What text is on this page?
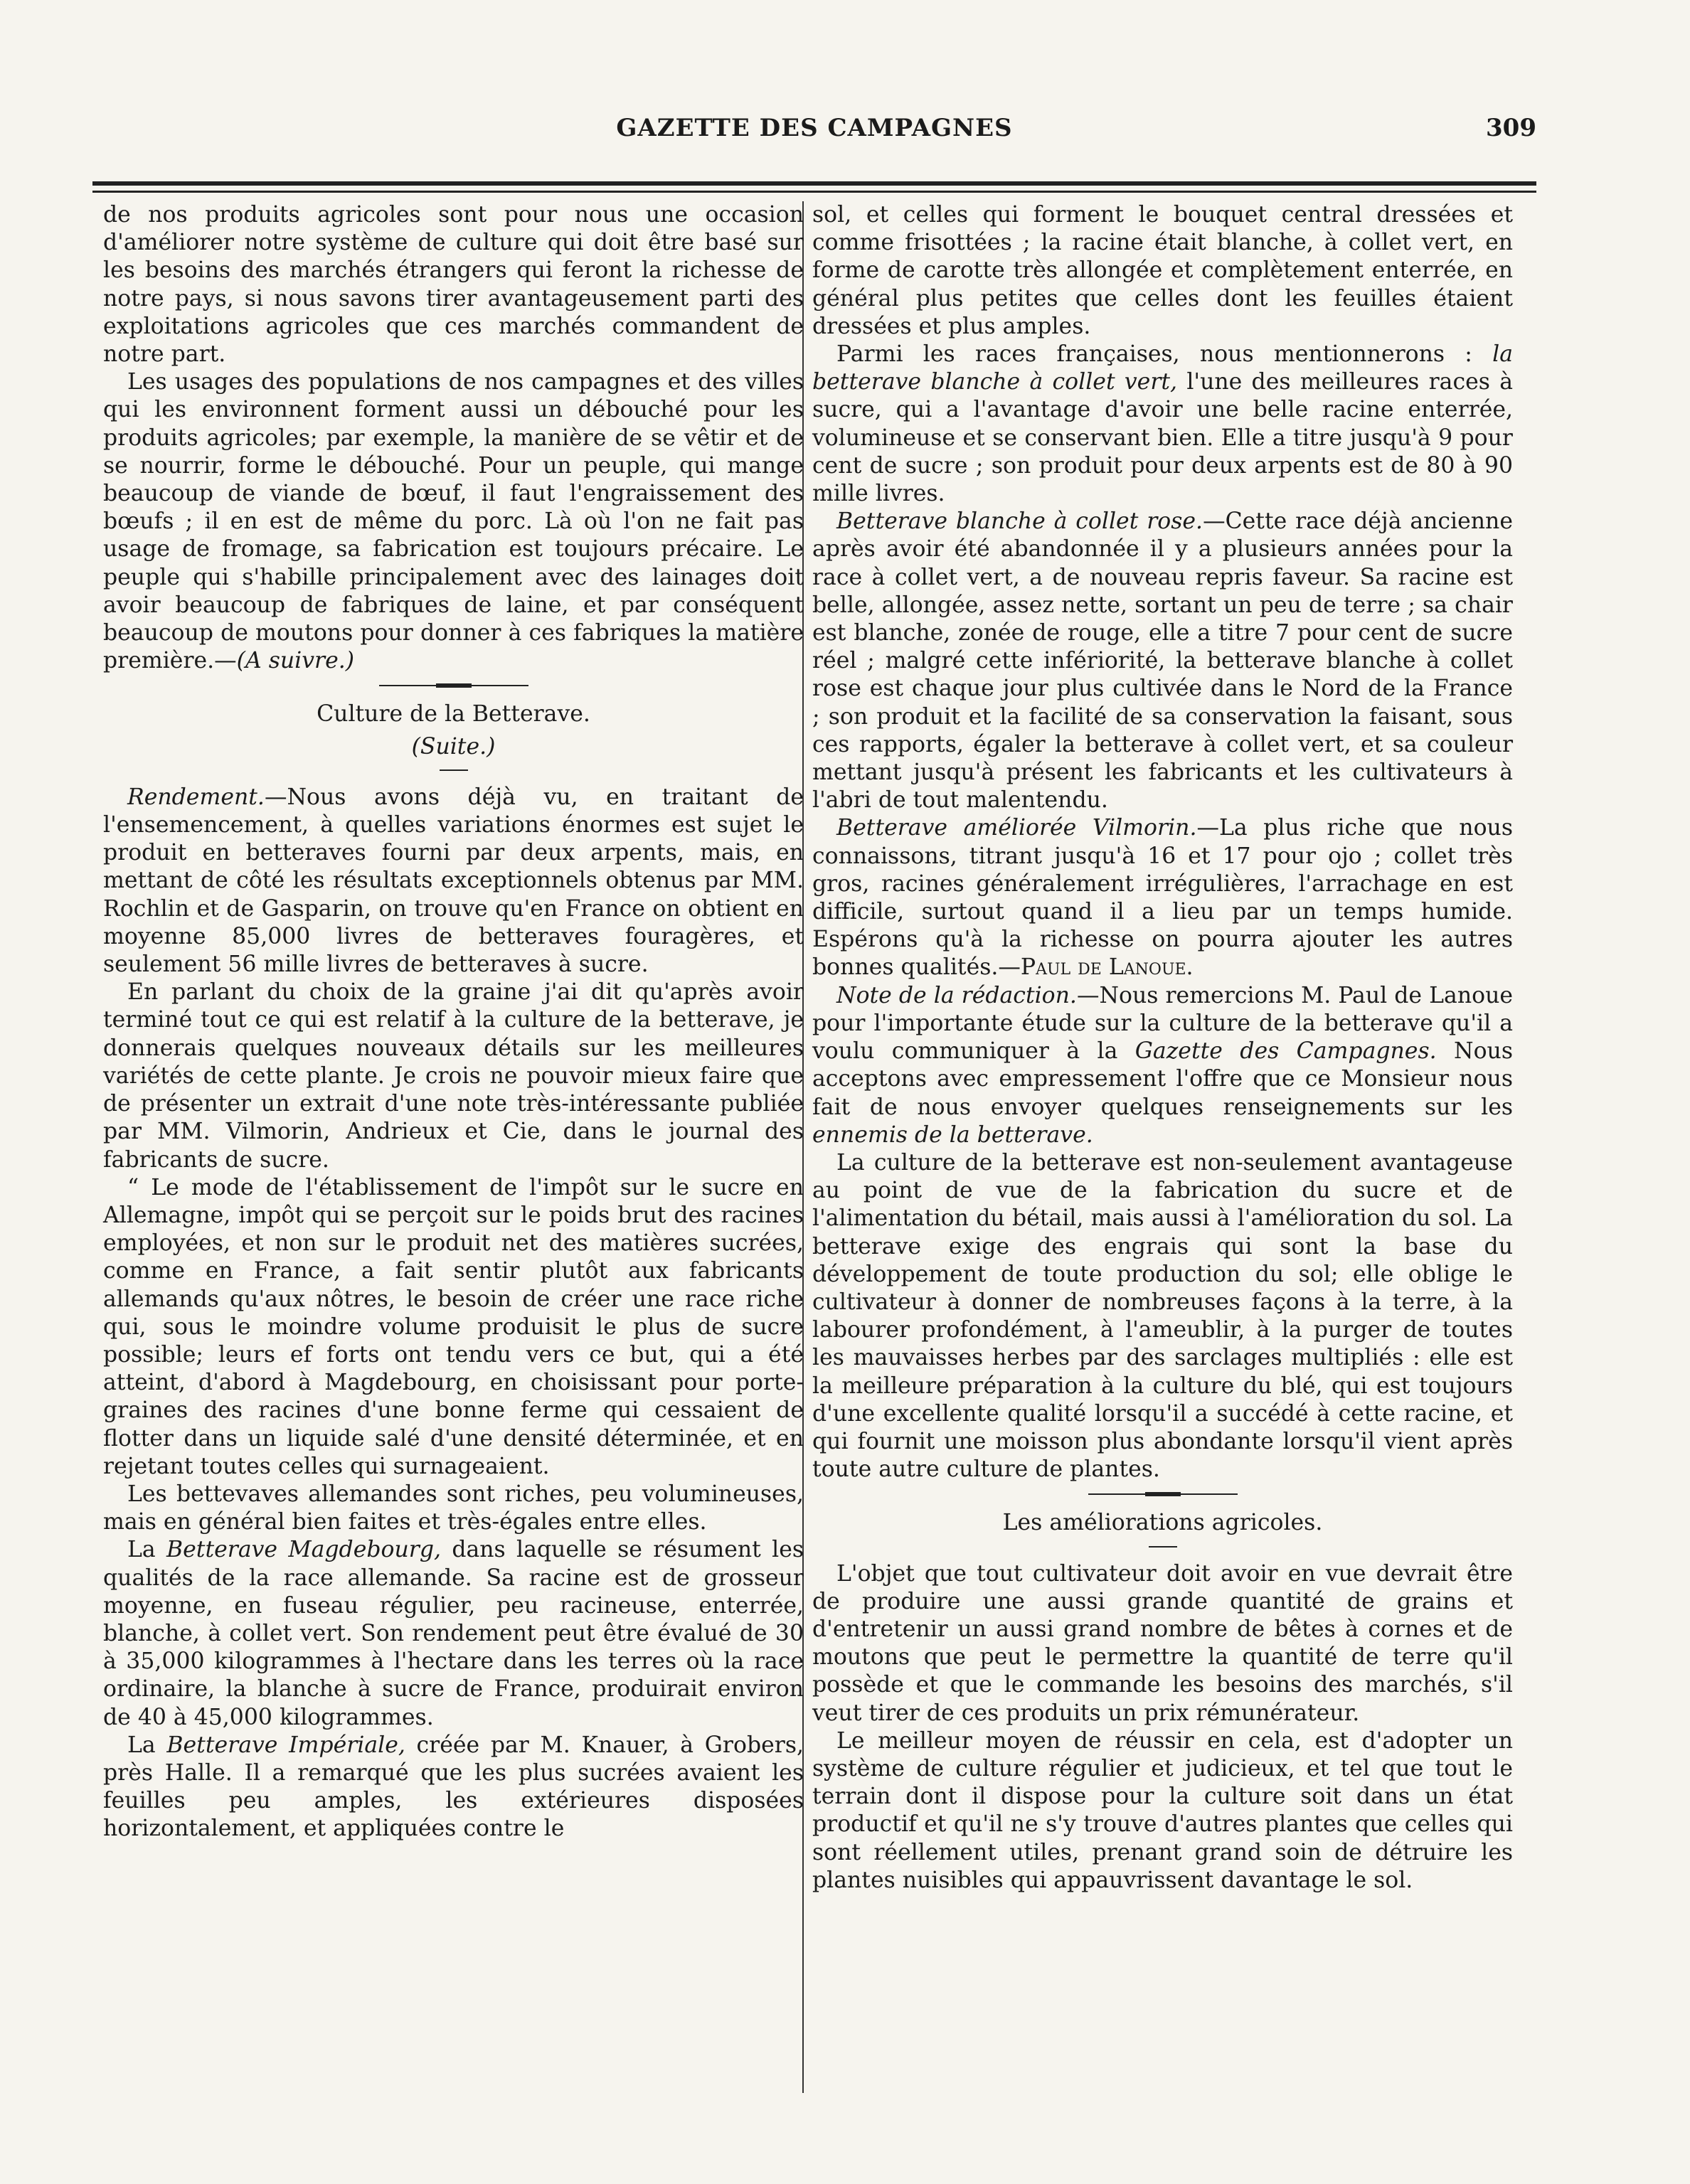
GAZETTE DES CAMPAGNES	309

de nos produits agricoles sont pour nous une occasion d'améliorer notre système de culture qui doit être basé sur les besoins des marchés étrangers qui feront la richesse de notre pays, si nous savons tirer avantageusement parti des exploitations agricoles que ces marchés commandent de notre part.

Les usages des populations de nos campagnes et des villes qui les environnent forment aussi un débouché pour les produits agricoles; par exemple, la manière de se vêtir et de se nourrir, forme le débouché. Pour un peuple, qui mange beaucoup de viande de bœuf, il faut l'engraissement des bœufs ; il en est de même du porc. Là où l'on ne fait pas usage de fromage, sa fabrication est toujours précaire. Le peuple qui s'habille principalement avec des lainages doit avoir beaucoup de fabriques de laine, et par conséquent beaucoup de moutons pour donner à ces fabriques la matière première.—(A suivre.)

Culture de la Betterave.

(Suite.)

Rendement.—Nous avons déjà vu, en traitant de l'ensemencement, à quelles variations énormes est sujet le produit en betteraves fourni par deux arpents, mais, en mettant de côté les résultats exceptionnels obtenus par MM. Rochlin et de Gasparin, on trouve qu'en France on obtient en moyenne 85,000 livres de betteraves fouragères, et seulement 56 mille livres de betteraves à sucre.

En parlant du choix de la graine j'ai dit qu'après avoir terminé tout ce qui est relatif à la culture de la betterave, je donnerais quelques nouveaux détails sur les meilleures variétés de cette plante. Je crois ne pouvoir mieux faire que de présenter un extrait d'une note très-intéressante publiée par MM. Vilmorin, Andrieux et Cie, dans le journal des fabricants de sucre.

“ Le mode de l'établissement de l'impôt sur le sucre en Allemagne, impôt qui se perçoit sur le poids brut des racines employées, et non sur le produit net des matières sucrées, comme en France, a fait sentir plutôt aux fabricants allemands qu'aux nôtres, le besoin de créer une race riche qui, sous le moindre volume produisit le plus de sucre possible; leurs ef forts ont tendu vers ce but, qui a été atteint, d'abord à Magdebourg, en choisissant pour porte-graines des racines d'une bonne ferme qui cessaient de flotter dans un liquide salé d'une densité déterminée, et en rejetant toutes celles qui surnageaient.

Les bettevaves allemandes sont riches, peu volumineuses, mais en général bien faites et très-égales entre elles.

La Betterave Magdebourg, dans laquelle se résument les qualités de la race allemande. Sa racine est de grosseur moyenne, en fuseau régulier, peu racineuse, enterrée, blanche, à collet vert. Son rendement peut être évalué de 30 à 35,000 kilogrammes à l'hectare dans les terres où la race ordinaire, la blanche à sucre de France, produirait environ de 40 à 45,000 kilogrammes.

La Betterave Impériale, créée par M. Knauer, à Grobers, près Halle. Il a remarqué que les plus sucrées avaient les feuilles peu amples, les extérieures disposées horizontalement, et appliquées contre le

sol, et celles qui forment le bouquet central dressées et comme frisottées ; la racine était blanche, à collet vert, en forme de carotte très allongée et complètement enterrée, en général plus petites que celles dont les feuilles étaient dressées et plus amples.

Parmi les races françaises, nous mentionnerons : la betterave blanche à collet vert, l'une des meilleures races à sucre, qui a l'avantage d'avoir une belle racine enterrée, volumineuse et se conservant bien. Elle a titre jusqu'à 9 pour cent de sucre ; son produit pour deux arpents est de 80 à 90 mille livres.

Betterave blanche à collet rose.—Cette race déjà ancienne après avoir été abandonnée il y a plusieurs années pour la race à collet vert, a de nouveau repris faveur. Sa racine est belle, allongée, assez nette, sortant un peu de terre ; sa chair est blanche, zonée de rouge, elle a titre 7 pour cent de sucre réel ; malgré cette infériorité, la betterave blanche à collet rose est chaque jour plus cultivée dans le Nord de la France ; son produit et la facilité de sa conservation la faisant, sous ces rapports, égaler la betterave à collet vert, et sa couleur mettant jusqu'à présent les fabricants et les cultivateurs à l'abri de tout malentendu.

Betterave améliorée Vilmorin.—La plus riche que nous connaissons, titrant jusqu'à 16 et 17 pour ojo ; collet très gros, racines généralement irrégulières, l'arrachage en est difficile, surtout quand il a lieu par un temps humide. Espérons qu'à la richesse on pourra ajouter les autres bonnes qualités.—Paul de Lanoue.

Note de la rédaction.—Nous remercions M. Paul de Lanoue pour l'importante étude sur la culture de la betterave qu'il a voulu communiquer à la Gazette des Campagnes. Nous acceptons avec empressement l'offre que ce Monsieur nous fait de nous envoyer quelques renseignements sur les ennemis de la betterave.

La culture de la betterave est non-seulement avantageuse au point de vue de la fabrication du sucre et de l'alimentation du bétail, mais aussi à l'amélioration du sol. La betterave exige des engrais qui sont la base du développement de toute production du sol; elle oblige le cultivateur à donner de nombreuses façons à la terre, à la labourer profondément, à l'ameublir, à la purger de toutes les mauvaisses herbes par des sarclages multipliés : elle est la meilleure préparation à la culture du blé, qui est toujours d'une excellente qualité lorsqu'il a succédé à cette racine, et qui fournit une moisson plus abondante lorsqu'il vient après toute autre culture de plantes.

Les améliorations agricoles.

L'objet que tout cultivateur doit avoir en vue devrait être de produire une aussi grande quantité de grains et d'entretenir un aussi grand nombre de bêtes à cornes et de moutons que peut le permettre la quantité de terre qu'il possède et que le commande les besoins des marchés, s'il veut tirer de ces produits un prix rémunérateur.

Le meilleur moyen de réussir en cela, est d'adopter un système de culture régulier et judicieux, et tel que tout le terrain dont il dispose pour la culture soit dans un état productif et qu'il ne s'y trouve d'autres plantes que celles qui sont réellement utiles, prenant grand soin de détruire les plantes nuisibles qui appauvrissent davantage le sol.
